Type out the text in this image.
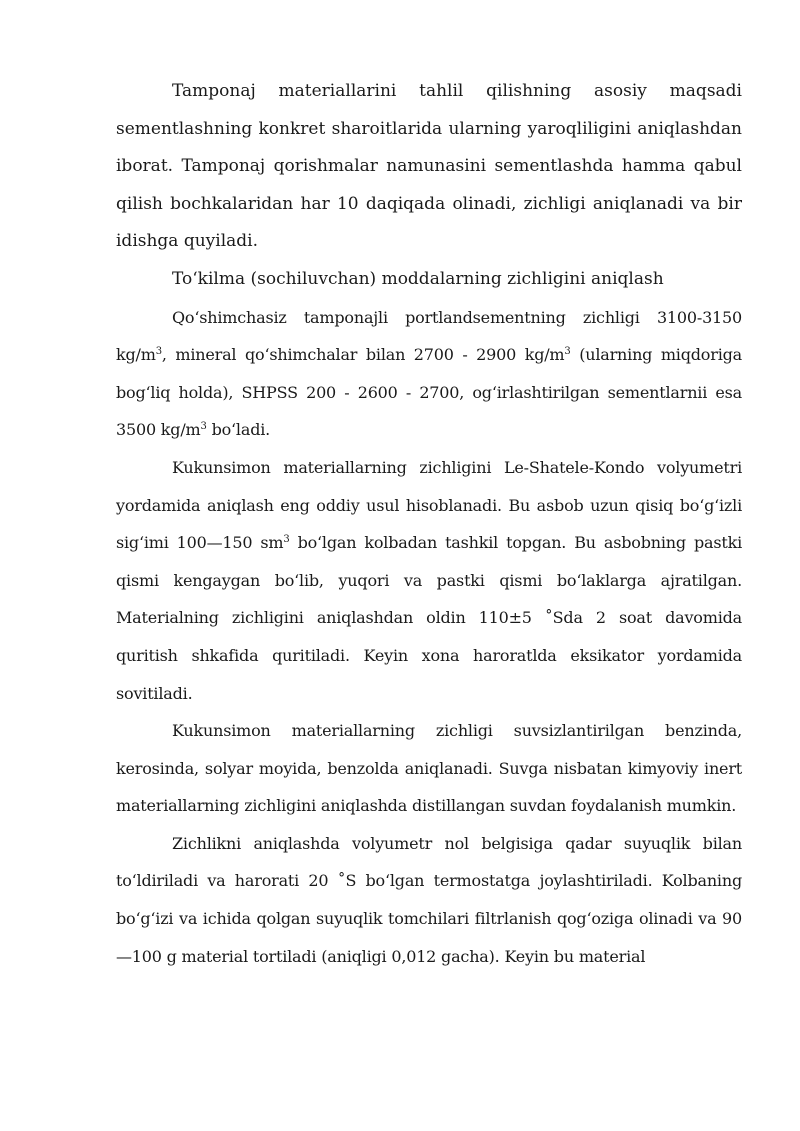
Tamponaj materiallarini tahlil qilishning asosiy maqsadi sementlashning konkret sharoitlarida ularning yaroqliligini aniqlashdan iborat. Tamponaj qorishmalar namunasini sementlashda hamma qabul qilish bochkalaridan har 10 daqiqada olinadi, zichligi aniqlanadi va bir idishga quyiladi.

To‘kilma (sochiluvchan) moddalarning zichligini aniqlash

Qo‘shimchasiz tamponajli portlandsementning zichligi 3100-3150 $kg/m^3$, mineral qo‘shimchalar bilan 2700 - 2900 $kg/m^3$ (ularning miqdoriga bog‘liq holda), SHPSS 200 - 2600 - 2700, og‘irlashtirilgan sementlarnii esa 3500 $kg/m^3$ bo‘ladi.

Kukunsimon materiallarning zichligini Le-Shatele-Kondo volyumetri yordamida aniqlash eng oddiy usul hisoblanadi. Bu asbob uzun qisiq bo‘g‘izli sig‘imi 100—150 $sm^3$ bo‘lgan kolbadan tashkil topgan. Bu asbobning pastki qismi kengaygan bo‘lib, yuqori va pastki qismi bo‘laklarga ajratilgan. Materialning zichligini aniqlashdan oldin 110±5 ˚Sda 2 soat davomida quritish shkafida quritiladi. Keyin xona haroratlda eksikator yordamida sovitiladi.

Kukunsimon materiallarning zichligi suvsizlantirilgan benzinda, kerosinda, solyar moyida, benzolda aniqlanadi. Suvga nisbatan kimyoviy inert materiallarning zichligini aniqlashda distillangan suvdan foydalanish mumkin.

Zichlikni aniqlashda volyumetr nol belgisiga qadar suyuqlik bilan to‘ldiriladi va harorati 20 ˚S bo‘lgan termostatga joylashtiriladi. Kolbaning bo‘g‘izi va ichida qolgan suyuqlik tomchilari filtrlanish qog‘oziga olinadi va 90—100 g material tortiladi (aniqligi 0,012 gacha). Keyin bu material
